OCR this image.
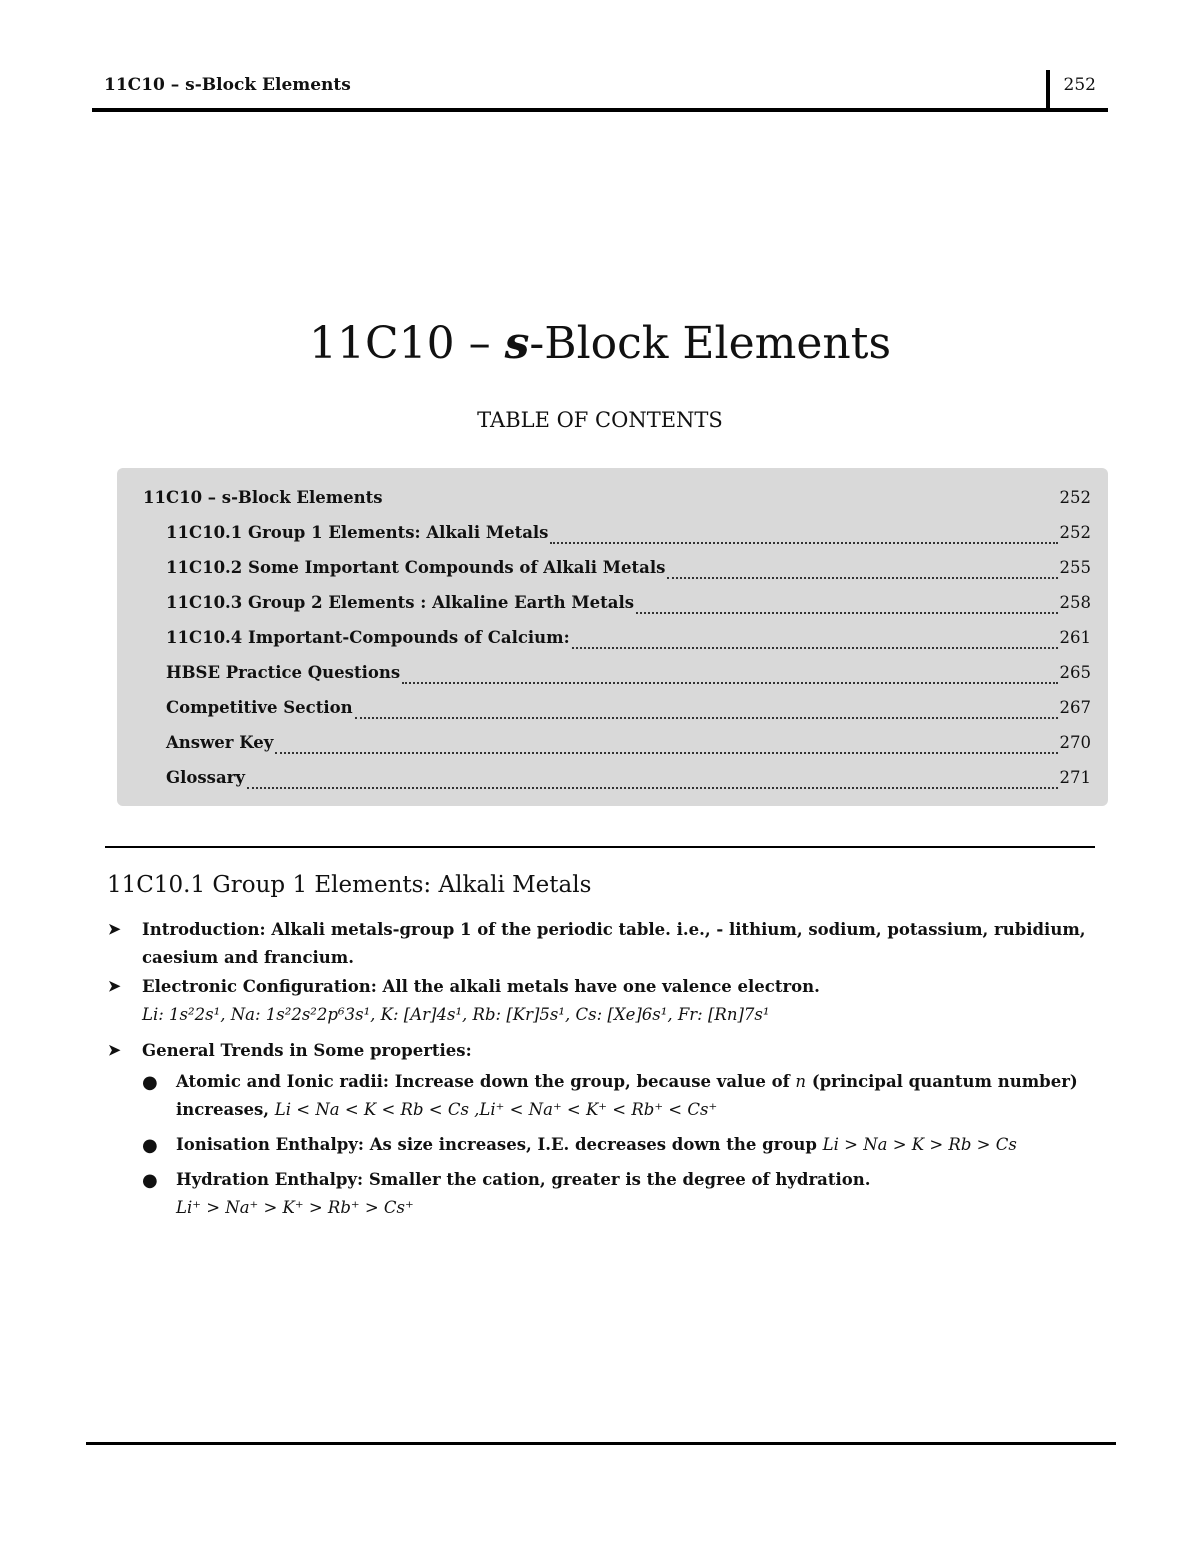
11C10 – s-Block Elements	252
11C10 – s-Block Elements
TABLE OF CONTENTS
11C10 – s-Block Elements	252
11C10.1 Group 1 Elements: Alkali Metals	252
11C10.2 Some Important Compounds of Alkali Metals	255
11C10.3 Group 2 Elements : Alkaline Earth Metals	258
11C10.4 Important-Compounds of Calcium:	261
HBSE Practice Questions	265
Competitive Section	267
Answer Key	270
Glossary	271
11C10.1 Group 1 Elements: Alkali Metals
➤ Introduction: Alkali metals-group 1 of the periodic table. i.e., - lithium, sodium, potassium, rubidium,
caesium and francium.
➤ Electronic Configuration: All the alkali metals have one valence electron.
Li: 1s²2s¹, Na: 1s²2s²2p⁶3s¹, K: [Ar]4s¹, Rb: [Kr]5s¹, Cs: [Xe]6s¹, Fr: [Rn]7s¹
➤ General Trends in Some properties:
● Atomic and Ionic radii: Increase down the group, because value of n (principal quantum number)
increases, Li < Na < K < Rb < Cs ,Li⁺ < Na⁺ < K⁺ < Rb⁺ < Cs⁺
● Ionisation Enthalpy: As size increases, I.E. decreases down the group Li > Na > K > Rb > Cs
● Hydration Enthalpy: Smaller the cation, greater is the degree of hydration.
Li⁺ > Na⁺ > K⁺ > Rb⁺ > Cs⁺
